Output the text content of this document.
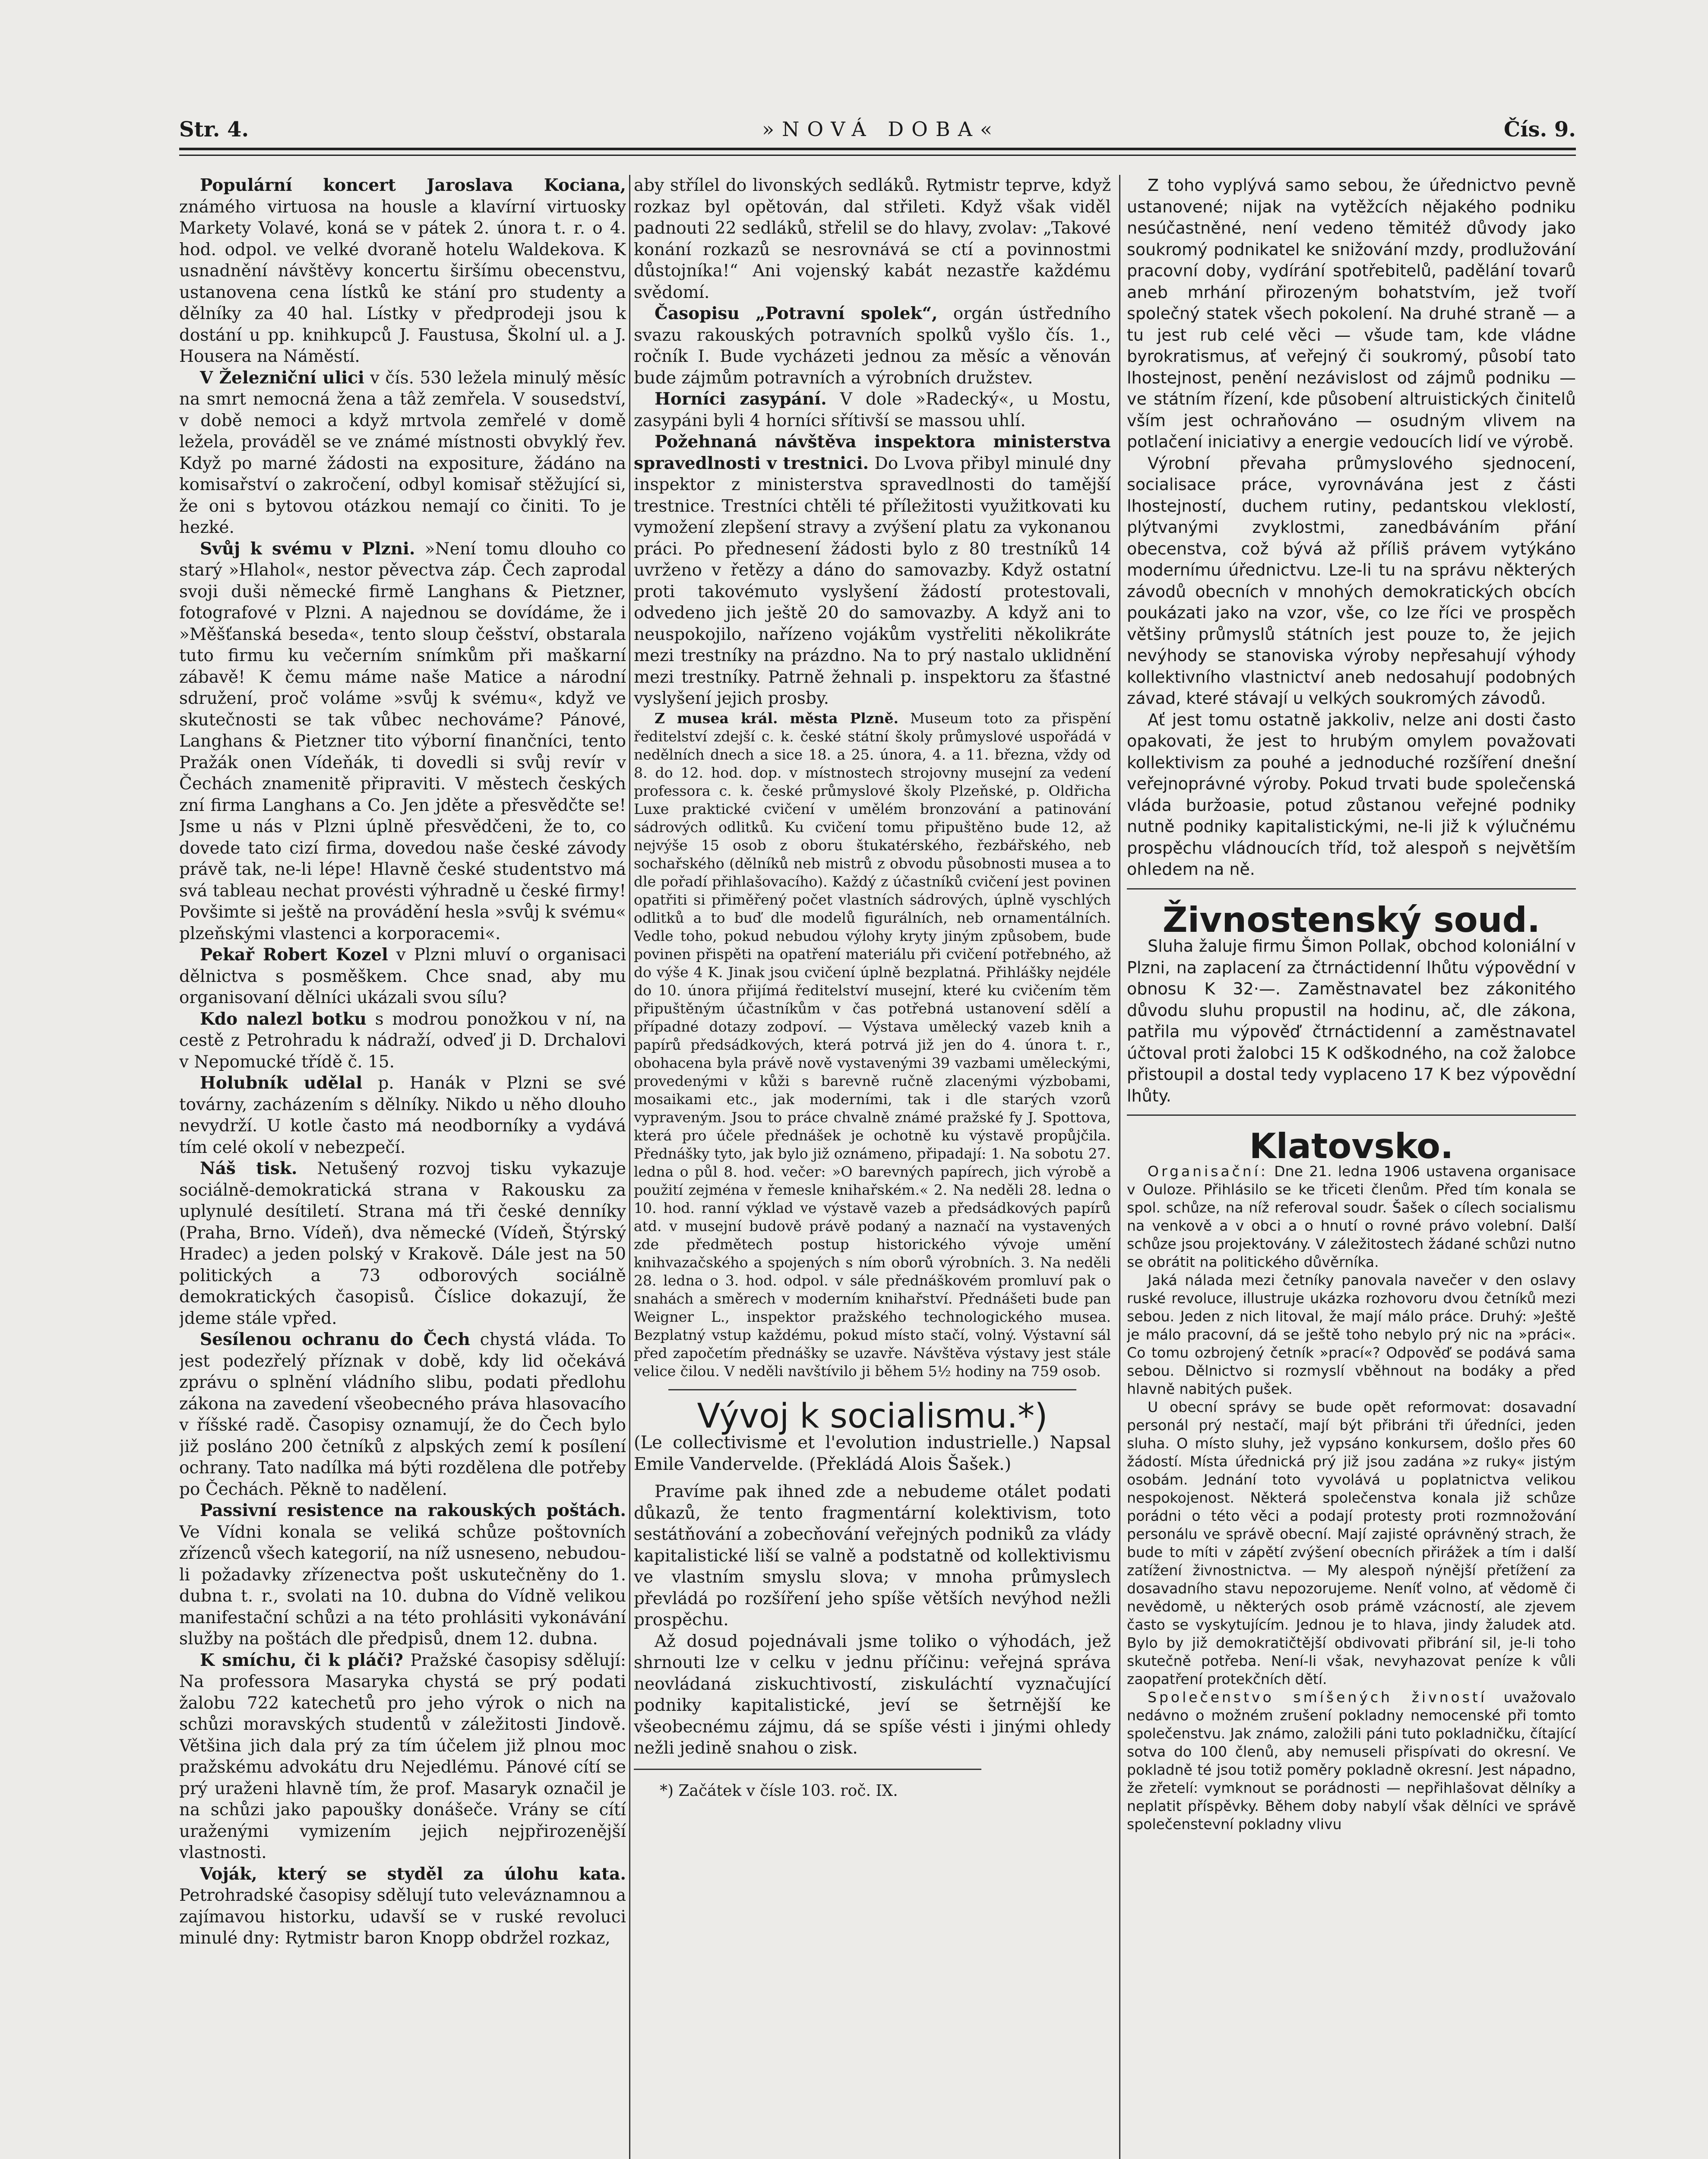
Str. 4.	»NOVÁ DOBA«	Čís. 9.

Populární koncert Jaroslava Kociana, známého virtuosa na housle a klavírní virtuosky Markety Volavé, koná se v pátek 2. února t. r. o 4. hod. odpol. ve velké dvoraně hotelu Waldekova. K usnadnění návštěvy koncertu širšímu obecenstvu, ustanovena cena lístků ke stání pro studenty a dělníky za 40 hal. Lístky v předprodeji jsou k dostání u pp. knihkupců J. Faustusa, Školní ul. a J. Housera na Náměstí.

V Železniční ulici v čís. 530 ležela minulý měsíc na smrt nemocná žena a tâž zemřela. V sousedství, v době nemoci a když mrtvola zemřelé v domě ležela, prováděl se ve známé místnosti obvyklý řev. Když po marné žádosti na expositure, žádáno na komisařství o zakročení, odbyl komisař stěžující si, že oni s bytovou otázkou nemají co činiti. To je hezké.

Svůj k svému v Plzni. »Není tomu dlouho co starý »Hlahol«, nestor pěvectva záp. Čech zaprodal svoji duši německé firmě Langhans & Pietzner, fotografové v Plzni. A najednou se dovídáme, že i »Měšťanská beseda«, tento sloup češství, obstarala tuto firmu ku večerním snímkům při maškarní zábavě! K čemu máme naše Matice a národní sdružení, proč voláme »svůj k svému«, když ve skutečnosti se tak vůbec nechováme? Pánové, Langhans & Pietzner tito výborní finančníci, tento Pražák onen Vídeňák, ti dovedli si svůj revír v Čechách znamenitě připraviti. V městech českých zní firma Langhans a Co. Jen jděte a přesvědčte se! Jsme u nás v Plzni úplně přesvědčeni, že to, co dovede tato cizí firma, dovedou naše české závody právě tak, ne-li lépe! Hlavně české studentstvo má svá tableau nechat provésti výhradně u české firmy! Povšimte si ještě na provádění hesla »svůj k svému« plzeňskými vlastenci a korporacemi«.

Pekař Robert Kozel v Plzni mluví o organisaci dělnictva s posměškem. Chce snad, aby mu organisovaní dělníci ukázali svou sílu?

Kdo nalezl botku s modrou ponožkou v ní, na cestě z Petrohradu k nádraží, odveď ji D. Drchalovi v Nepomucké třídě č. 15.

Holubník udělal p. Hanák v Plzni se své továrny, zacházením s dělníky. Nikdo u něho dlouho nevydrží. U kotle často má neodborníky a vydává tím celé okolí v nebezpečí.

Náš tisk. Netušený rozvoj tisku vykazuje sociálně-demokratická strana v Rakousku za uplynulé desítiletí. Strana má tři české denníky (Praha, Brno. Vídeň), dva německé (Vídeň, Štýrský Hradec) a jeden polský v Krakově. Dále jest na 50 politických a 73 odborových sociálně demokratických časopisů. Číslice dokazují, že jdeme stále vpřed.

Sesílenou ochranu do Čech chystá vláda. To jest podezřelý příznak v době, kdy lid očekává zprávu o splnění vládního slibu, podati předlohu zákona na zavedení všeobecného práva hlasovacího v říšské radě. Časopisy oznamují, že do Čech bylo již posláno 200 četníků z alpských zemí k posílení ochrany. Tato nadílka má býti rozdělena dle potřeby po Čechách. Pěkně to nadělení.

Passivní resistence na rakouských poštách. Ve Vídni konala se veliká schůze poštovních zřízenců všech kategorií, na níž usneseno, nebudou-li požadavky zřízenectva pošt uskutečněny do 1. dubna t. r., svolati na 10. dubna do Vídně velikou manifestační schůzi a na této prohlásiti vykonávání služby na poštách dle předpisů, dnem 12. dubna.

K smíchu, či k pláči? Pražské časopisy sdělují: Na professora Masaryka chystá se prý podati žalobu 722 katechetů pro jeho výrok o nich na schůzi moravských studentů v záležitosti Jindově. Většina jich dala prý za tím účelem již plnou moc pražskému advokátu dru Nejedlému. Pánové cítí se prý uraženi hlavně tím, že prof. Masaryk označil je na schůzi jako papoušky donášeče. Vrány se cítí uraženými vymizením jejich nejpřirozenější vlastnosti.

Voják, který se styděl za úlohu kata. Petrohradské časopisy sdělují tuto veleváznamnou a zajímavou historku, udavší se v ruské revoluci minulé dny: Rytmistr baron Knopp obdržel rozkaz,

aby střílel do livonských sedláků. Rytmistr teprve, když rozkaz byl opětován, dal střileti. Když však viděl padnouti 22 sedláků, střelil se do hlavy, zvolav: „Takové konání rozkazů se nesrovnává se ctí a povinnostmi důstojníka!“ Ani vojenský kabát nezastře každému svědomí.

Časopisu „Potravní spolek“, orgán ústředního svazu rakouských potravních spolků vyšlo čís. 1., ročník I. Bude vycházeti jednou za měsíc a věnován bude zájmům potravních a výrobních družstev.

Horníci zasypání. V dole »Radecký«, u Mostu, zasypáni byli 4 horníci sřítivší se massou uhlí.

Požehnaná návštěva inspektora ministerstva spravedlnosti v trestnici. Do Lvova přibyl minulé dny inspektor z ministerstva spravedlnosti do tamější trestnice. Trestníci chtěli té příležitosti využitkovati ku vymožení zlepšení stravy a zvýšení platu za vykonanou práci. Po přednesení žádosti bylo z 80 trestníků 14 uvrženo v řetězy a dáno do samovazby. Když ostatní proti takovémuto vyslyšení žádostí protestovali, odvedeno jich ještě 20 do samovazby. A když ani to neuspokojilo, nařízeno vojákům vystřeliti několikráte mezi trestníky na prázdno. Na to prý nastalo uklidnění mezi trestníky. Patrně žehnali p. inspektoru za šťastné vyslyšení jejich prosby.

Z musea král. města Plzně. Museum toto za přispění ředitelství zdejší c. k. české státní školy průmyslové uspořádá v nedělních dnech a sice 18. a 25. února, 4. a 11. března, vždy od 8. do 12. hod. dop. v místnostech strojovny musejní za vedení professora c. k. české průmyslové školy Plzeňské, p. Oldřicha Luxe praktické cvičení v umělém bronzování a patinování sádrových odlitků. Ku cvičení tomu připuštěno bude 12, až nejvýše 15 osob z oboru štukatérského, řezbářského, neb sochařského (dělníků neb mistrů z obvodu působnosti musea a to dle pořadí přihlašovacího). Každý z účastníků cvičení jest povinen opatřiti si přiměřený počet vlastních sádrových, úplně vyschlých odlitků a to buď dle modelů figurálních, neb ornamentálních. Vedle toho, pokud nebudou výlohy kryty jiným způsobem, bude povinen přispěti na opatření materiálu při cvičení potřebného, až do výše 4 K. Jinak jsou cvičení úplně bezplatná. Přihlášky nejdéle do 10. února přijímá ředitelství musejní, které ku cvičením těm připuštěným účastníkům v čas potřebná ustanovení sdělí a případné dotazy zodpoví. — Výstava umělecký vazeb knih a papírů předsádkových, která potrvá již jen do 4. února t. r., obohacena byla právě nově vystavenými 39 vazbami uměleckými, provedenými v kůži s barevně ručně zlacenými výzbobami, mosaikami etc., jak moderními, tak i dle starých vzorů vypraveným. Jsou to práce chvalně známé pražské fy J. Spottova, která pro účele přednášek je ochotně ku výstavě propůjčila. Přednášky tyto, jak bylo již oznámeno, připadají: 1. Na sobotu 27. ledna o půl 8. hod. večer: »O barevných papírech, jich výrobě a použití zejména v řemesle knihařském.« 2. Na neděli 28. ledna o 10. hod. ranní výklad ve výstavě vazeb a předsádkových papírů atd. v musejní budově právě podaný a naznačí na vystavených zde předmětech postup historického vývoje umění knihvazačského a spojených s ním oborů výrobních. 3. Na neděli 28. ledna o 3. hod. odpol. v sále přednáškovém promluví pak o snahách a směrech v moderním knihařství. Přednášeti bude pan Weigner L., inspektor pražského technologického musea. Bezplatný vstup každému, pokud místo stačí, volný. Výstavní sál před započetím přednášky se uzavře. Návštěva výstavy jest stále velice čilou. V neděli navštívilo ji během 5½ hodiny na 759 osob.

Vývoj k socialismu.*)
(Le collectivisme et l'evolution industrielle.) Napsal Emile Vandervelde. (Překládá Alois Šašek.)

Pravíme pak ihned zde a nebudeme otálet podati důkazů, že tento fragmentární kolektivism, toto sestátňování a zobecňování veřejných podniků za vlády kapitalistické liší se valně a podstatně od kollektivismu ve vlastním smyslu slova; v mnoha průmyslech převládá po rozšíření jeho spíše větších nevýhod nežli prospěchu.

Až dosud pojednávali jsme toliko o výhodách, jež shrnouti lze v celku v jednu příčinu: veřejná správa neovládaná ziskuchtivostí, ziskuláchtí vyznačující podniky kapitalistické, jeví se šetrnější ke všeobecnému zájmu, dá se spíše vésti i jinými ohledy nežli jedině snahou o zisk.

*) Začátek v čísle 103. roč. IX.

Z toho vyplývá samo sebou, že úřednictvo pevně ustanovené; nijak na vytěžcích nějakého podniku nesúčastněné, není vedeno těmitéž důvody jako soukromý podnikatel ke snižování mzdy, prodlužování pracovní doby, vydírání spotřebitelů, padělání tovarů aneb mrhání přirozeným bohatstvím, jež tvoří společný statek všech pokolení. Na druhé straně — a tu jest rub celé věci — všude tam, kde vládne byrokratismus, ať veřejný či soukromý, působí tato lhostejnost, penění nezávislost od zájmů podniku — ve státním řízení, kde působení altruistických činitelů vším jest ochraňováno — osudným vlivem na potlačení iniciativy a energie vedoucích lidí ve výrobě.

Výrobní převaha průmyslového sjednocení, socialisace práce, vyrovnávána jest z části lhostejností, duchem rutiny, pedantskou vleklostí, plýtvanými zvyklostmi, zanedbáváním přání obecenstva, což bývá až příliš právem vytýkáno modernímu úřednictvu. Lze-li tu na správu některých závodů obecních v mnohých demokratických obcích poukázati jako na vzor, vše, co lze říci ve prospěch většiny průmyslů státních jest pouze to, že jejich nevýhody se stanoviska výroby nepřesahují výhody kollektivního vlastnictví aneb nedosahují podobných závad, které stávají u velkých soukromých závodů.

Ať jest tomu ostatně jakkoliv, nelze ani dosti často opakovati, že jest to hrubým omylem považovati kollektivism za pouhé a jednoduché rozšíření dnešní veřejnoprávné výroby. Pokud trvati bude společenská vláda buržoasie, potud zůstanou veřejné podniky nutně podniky kapitalistickými, ne-li již k výlučnému prospěchu vládnoucích tříd, tož alespoň s největším ohledem na ně.

Živnostenský soud.

Sluha žaluje firmu Šimon Pollak, obchod koloniální v Plzni, na zaplacení za čtrnáctidenní lhůtu výpovědní v obnosu K 32·—. Zaměstnavatel bez zákonitého důvodu sluhu propustil na hodinu, ač, dle zákona, patřila mu výpověď čtrnáctidenní a zaměstnavatel účtoval proti žalobci 15 K odškodného, na což žalobce přistoupil a dostal tedy vyplaceno 17 K bez výpovědní lhůty.

Klatovsko.

Organisační: Dne 21. ledna 1906 ustavena organisace v Ouloze. Přihlásilo se ke třiceti členům. Před tím konala se spol. schůze, na níž referoval soudr. Šašek o cílech socialismu na venkově a v obci a o hnutí o rovné právo volební. Další schůze jsou projektovány. V záležitostech žádané schůzi nutno se obrátit na politického důvěrníka.

Jaká nálada mezi četníky panovala navečer v den oslavy ruské revoluce, illustruje ukázka rozhovoru dvou četníků mezi sebou. Jeden z nich litoval, že mají málo práce. Druhý: »Ještě je málo pracovní, dá se ještě toho nebylo prý nic na »práci«. Co tomu ozbrojený četník »prací«? Odpověď se podává sama sebou. Dělnictvo si rozmyslí vběhnout na bodáky a před hlavně nabitých pušek.

U obecní správy se bude opět reformovat: dosavadní personál prý nestačí, mají být přibráni tři úředníci, jeden sluha. O místo sluhy, jež vypsáno konkursem, došlo přes 60 žádostí. Místa úřednická prý již jsou zadána »z ruky« jistým osobám. Jednání toto vyvolává u poplatnictva velikou nespokojenost. Některá společenstva konala již schůze porádni o této věci a podají protesty proti rozmnožování personálu ve správě obecní. Mají zajisté oprávněný strach, že bude to míti v zápětí zvýšení obecních přirážek a tím i další zatížení živnostnictva. — My alespoň nýnější přetížení za dosavadního stavu nepozorujeme. Neníť volno, ať vědomě či nevědomě, u některých osob prámě vzácností, ale zjevem často se vyskytujícím. Jednou je to hlava, jindy žaludek atd. Bylo by již demokratičtější obdivovati přibrání sil, je-li toho skutečně potřeba. Není-li však, nevyhazovat peníze k vůli zaopatření protekčních dětí.

Společenstvo smíšených živností uvažovalo nedávno o možném zrušení pokladny nemocenské při tomto společenstvu. Jak známo, založili páni tuto pokladničku, čítající sotva do 100 členů, aby nemuseli přispívati do okresní. Ve pokladně té jsou totiž poměry pokladně okresní. Jest nápadno, že zřetelí: vymknout se porádnosti — nepřihlašovat dělníky a neplatit příspěvky. Během doby nabylí však dělníci ve správě společenstevní pokladny vlivu
